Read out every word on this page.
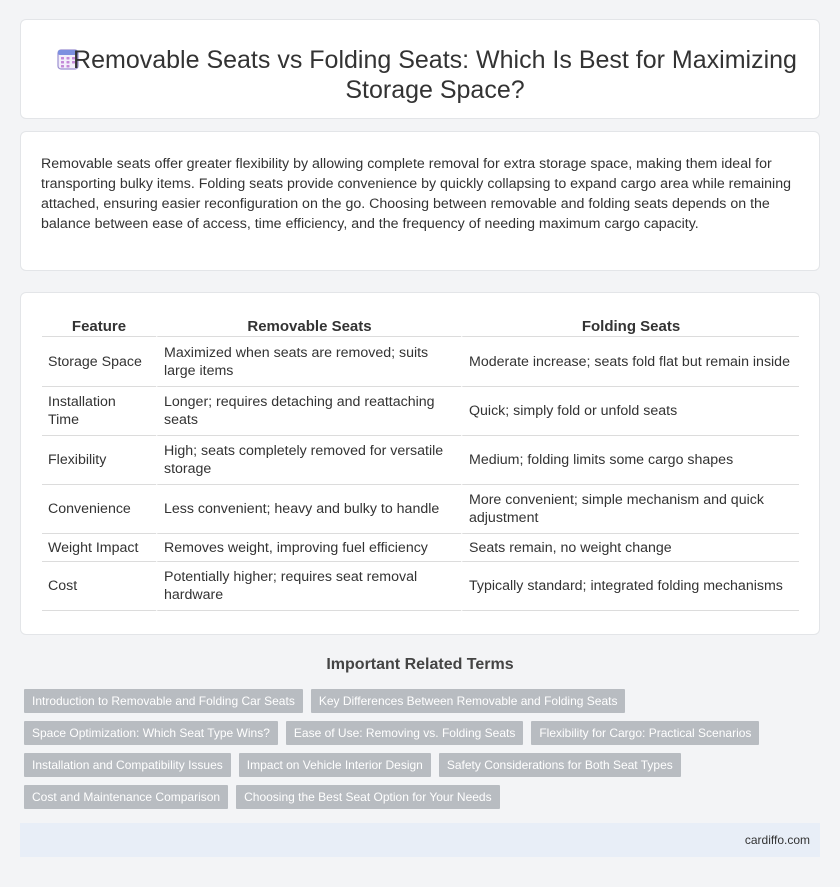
Removable Seats vs Folding Seats: Which Is Best for Maximizing Storage Space?

Removable seats offer greater flexibility by allowing complete removal for extra storage space, making them ideal for transporting bulky items. Folding seats provide convenience by quickly collapsing to expand cargo area while remaining attached, ensuring easier reconfiguration on the go. Choosing between removable and folding seats depends on the balance between ease of access, time efficiency, and the frequency of needing maximum cargo capacity.

Feature	Removable Seats	Folding Seats
Storage Space	Maximized when seats are removed; suits large items	Moderate increase; seats fold flat but remain inside
Installation Time	Longer; requires detaching and reattaching seats	Quick; simply fold or unfold seats
Flexibility	High; seats completely removed for versatile storage	Medium; folding limits some cargo shapes
Convenience	Less convenient; heavy and bulky to handle	More convenient; simple mechanism and quick adjustment
Weight Impact	Removes weight, improving fuel efficiency	Seats remain, no weight change
Cost	Potentially higher; requires seat removal hardware	Typically standard; integrated folding mechanisms
Important Related Terms
Introduction to Removable and Folding Car Seats	Key Differences Between Removable and Folding Seats
Space Optimization: Which Seat Type Wins?	Ease of Use: Removing vs. Folding Seats	Flexibility for Cargo: Practical Scenarios
Installation and Compatibility Issues	Impact on Vehicle Interior Design	Safety Considerations for Both Seat Types
Cost and Maintenance Comparison	Choosing the Best Seat Option for Your Needs
cardiffo.com
